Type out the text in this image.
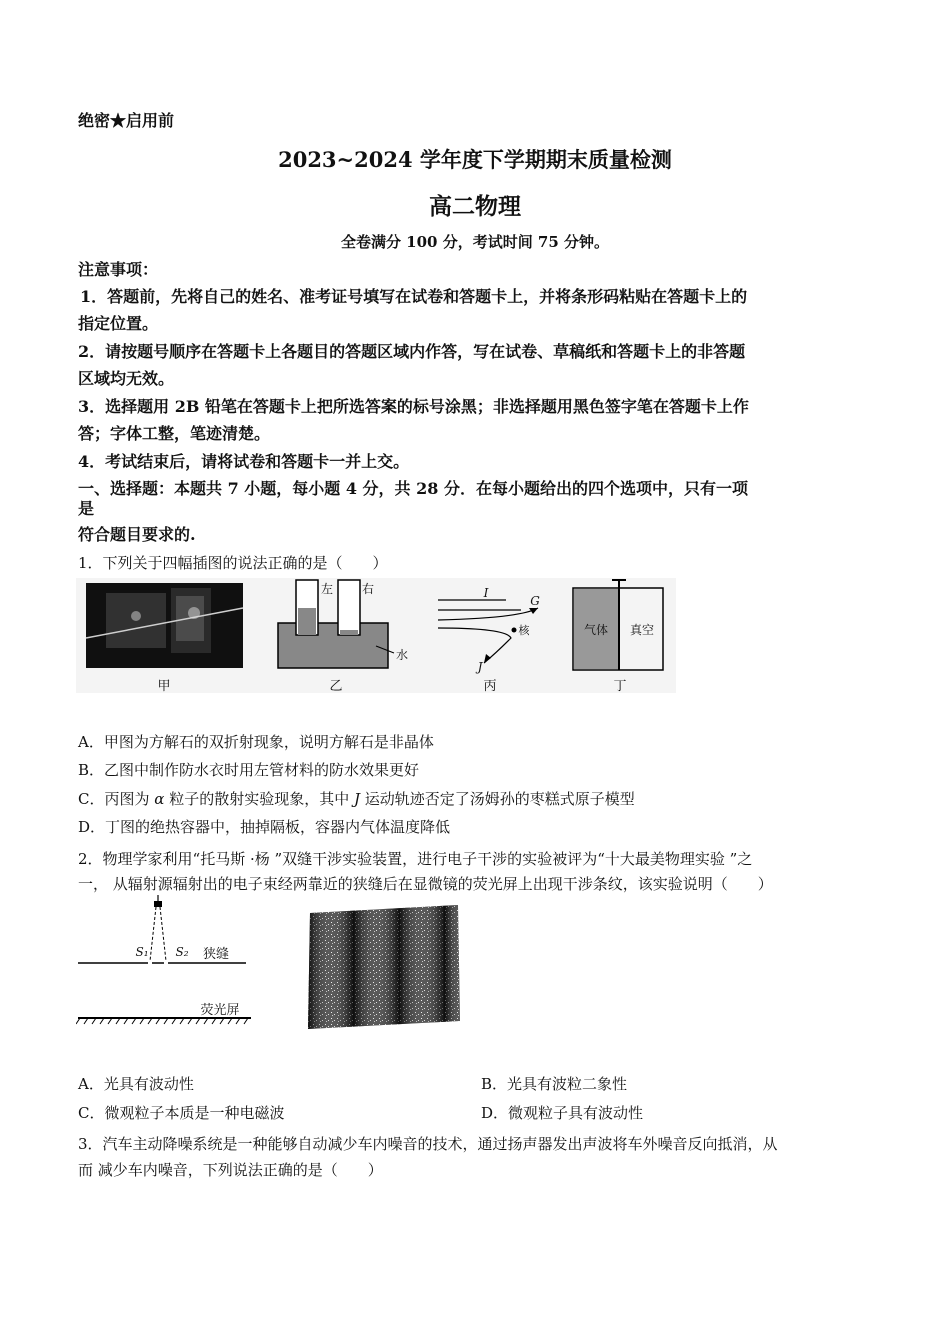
绝密★启用前
2023~2024 学年度下学期期末质量检测
高二物理
全卷满分 100 分，考试时间 75 分钟。
注意事项：
1．答题前，先将自己的姓名、准考证号填写在试卷和答题卡上，并将条形码粘贴在答题卡上的
指定位置。
2．请按题号顺序在答题卡上各题目的答题区域内作答，写在试卷、草稿纸和答题卡上的非答题
区域均无效。
3．选择题用 2B 铅笔在答题卡上把所选答案的标号涂黑；非选择题用黑色签字笔在答题卡上作
答；字体工整，笔迹清楚。
4．考试结束后，请将试卷和答题卡一并上交。
一、选择题：本题共 7 小题，每小题 4 分，共 28 分．在每小题给出的四个选项中，只有一项
是
符合题目要求的.
1．下列关于四幅插图的说法正确的是（　　）
甲	乙	丙	丁
左 右
水
I
G
J
核	气体	真空
A．甲图为方解石的双折射现象，说明方解石是非晶体
B．乙图中制作防水衣时用左管材料的防水效果更好
C．丙图为 α 粒子的散射实验现象，其中 J 运动轨迹否定了汤姆孙的枣糕式原子模型
D．丁图的绝热容器中，抽掉隔板，容器内气体温度降低
2．物理学家利用“托马斯 ·杨 ”双缝干涉实验装置，进行电子干涉的实验被评为“十大最美物理实验 ”之
一， 从辐射源辐射出的电子束经两靠近的狭缝后在显微镜的荧光屏上出现干涉条纹，该实验说明（　　）
S₁ S₂	狭缝
荧光屏
A．光具有波动性	B．光具有波粒二象性
C．微观粒子本质是一种电磁波	D．微观粒子具有波动性
3．汽车主动降噪系统是一种能够自动减少车内噪音的技术，通过扬声器发出声波将车外噪音反向抵消，从
而 减少车内噪音，下列说法正确的是（　　）
